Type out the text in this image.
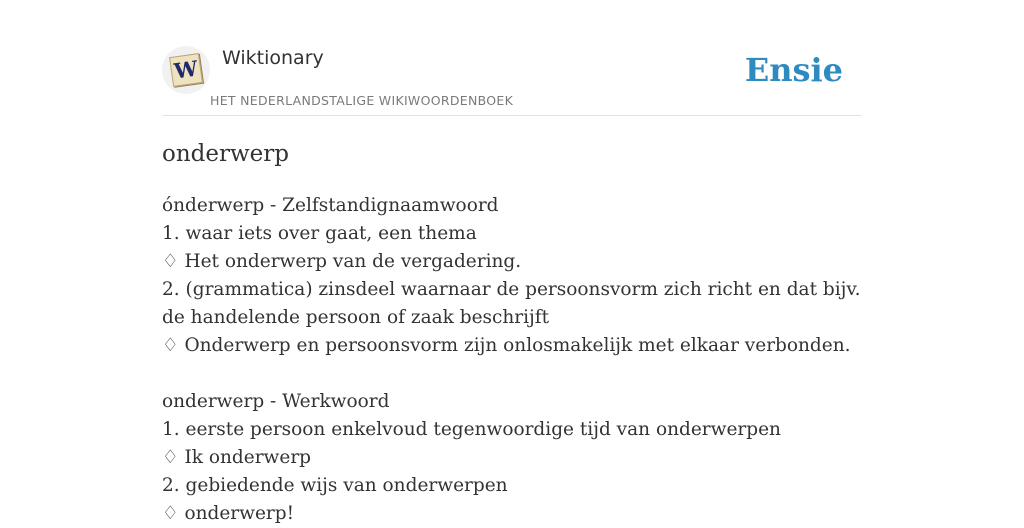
W Wiktionary
HET NEDERLANDSTALIGE WIKIWOORDENBOEK
Ensie
onderwerp

ónderwerp - Zelfstandignaamwoord

1. waar iets over gaat, een thema

♢ Het onderwerp van de vergadering.

2. (grammatica) zinsdeel waarnaar de persoonsvorm zich richt en dat bijv. de handelende persoon of zaak beschrijft

♢ Onderwerp en persoonsvorm zijn onlosmakelijk met elkaar verbonden.

onderwerp - Werkwoord

1. eerste persoon enkelvoud tegenwoordige tijd van onderwerpen

♢ Ik onderwerp

2. gebiedende wijs van onderwerpen

♢ onderwerp!
